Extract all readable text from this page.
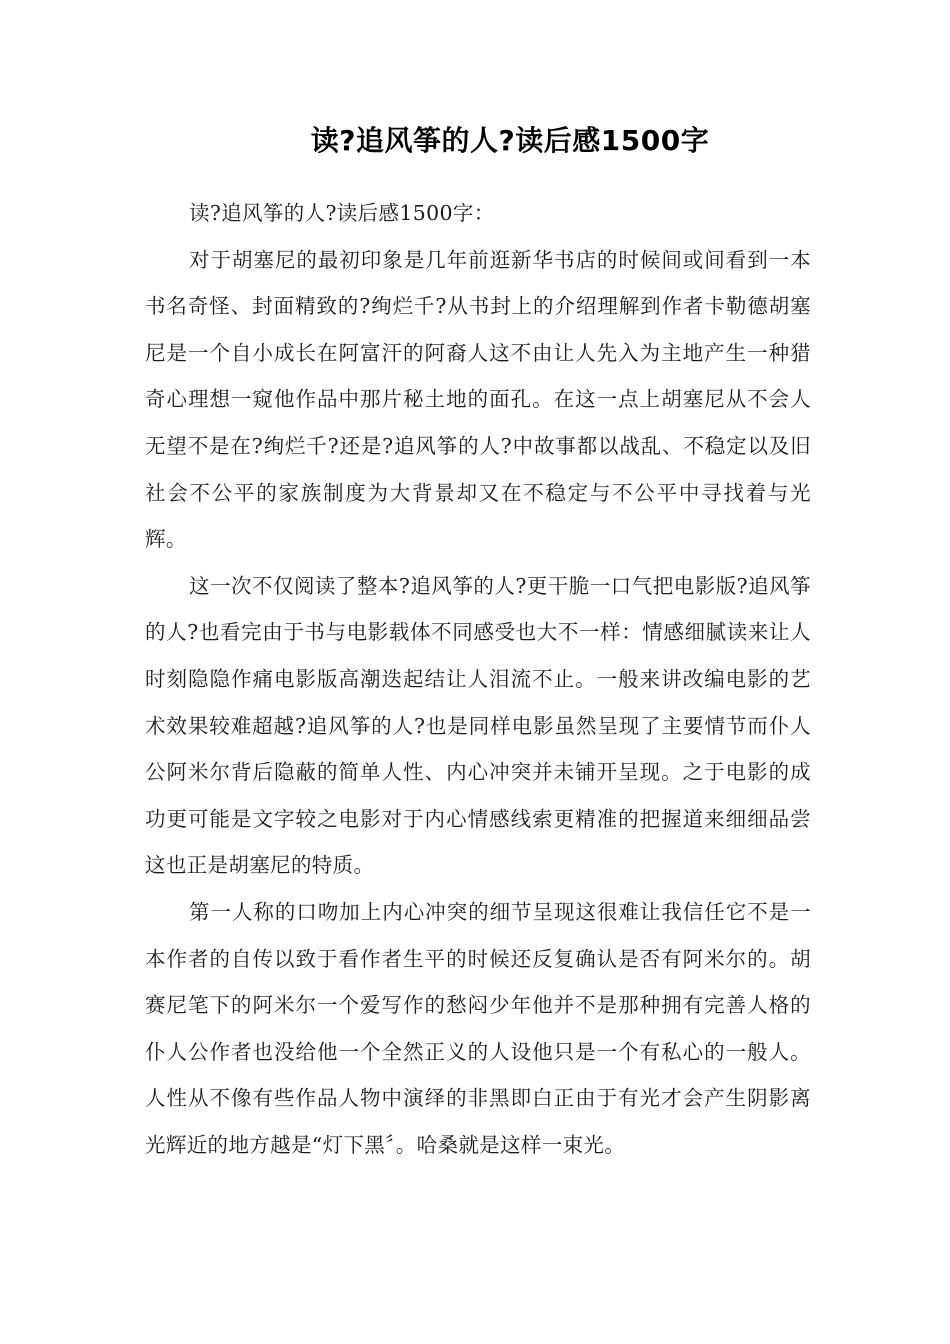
读?追风筝的人?读后感1500字

读?追风筝的人?读后感1500字：

对于胡塞尼的最初印象是几年前逛新华书店的时候间或间看到一本书名奇怪、封面精致的?绚烂千?从书封上的介绍理解到作者卡勒德胡塞尼是一个自小成长在阿富汗的阿裔人这不由让人先入为主地产生一种猎奇心理想一窥他作品中那片秘土地的面孔。在这一点上胡塞尼从不会人无望不是在?绚烂千?还是?追风筝的人?中故事都以战乱、不稳定以及旧社会不公平的家族制度为大背景却又在不稳定与不公平中寻找着与光辉。

这一次不仅阅读了整本?追风筝的人?更干脆一口气把电影版?追风筝的人?也看完由于书与电影载体不同感受也大不一样：情感细腻读来让人时刻隐隐作痛电影版高潮迭起结让人泪流不止。一般来讲改编电影的艺术效果较难超越?追风筝的人?也是同样电影虽然呈现了主要情节而仆人公阿米尔背后隐蔽的简单人性、内心冲突并未铺开呈现。之于电影的成功更可能是文字较之电影对于内心情感线索更精准的把握道来细细品尝这也正是胡塞尼的特质。

第一人称的口吻加上内心冲突的细节呈现这很难让我信任它不是一本作者的自传以致于看作者生平的时候还反复确认是否有阿米尔的。胡赛尼笔下的阿米尔一个爱写作的愁闷少年他并不是那种拥有完善人格的仆人公作者也没给他一个全然正义的人设他只是一个有私心的一般人。人性从不像有些作品人物中演绎的非黑即白正由于有光才会产生阴影离光辉近的地方越是“灯下黑〞。哈桑就是这样一束光。
